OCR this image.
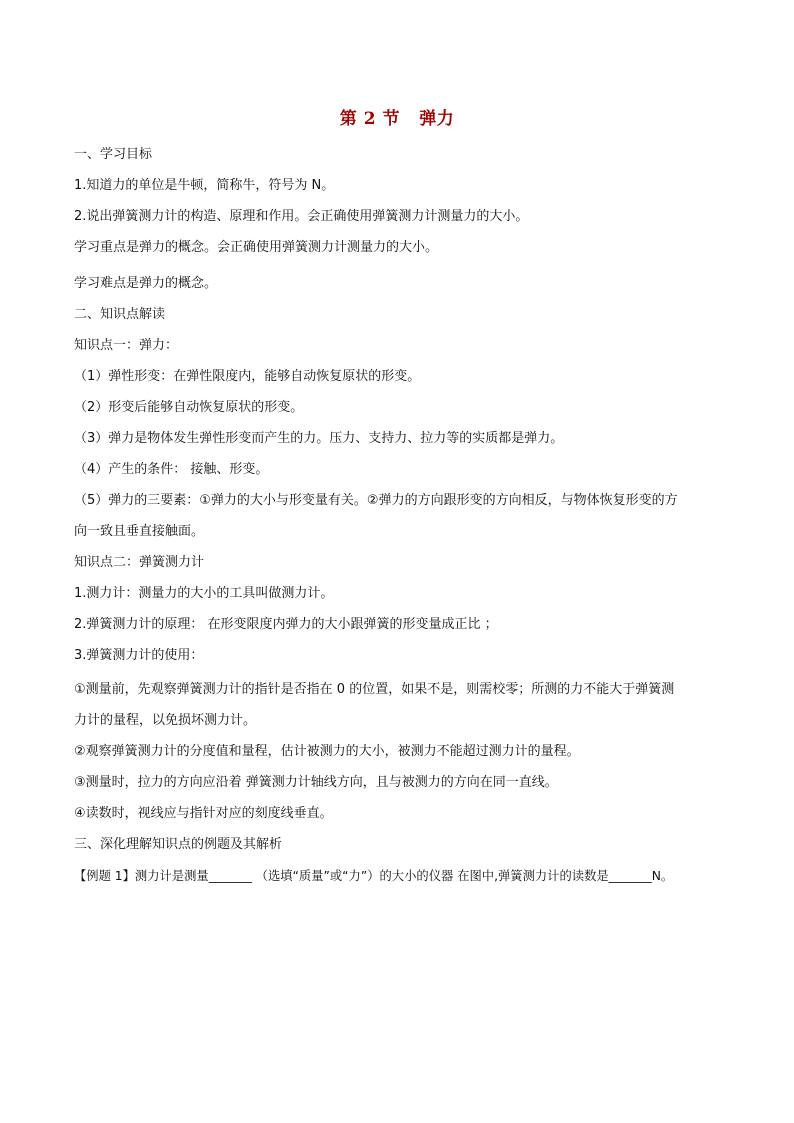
第 2 节   弹力
一、学习目标
1.知道力的单位是牛顿，简称牛，符号为 N。
2.说出弹簧测力计的构造、原理和作用。会正确使用弹簧测力计测量力的大小。
学习重点是弹力的概念。会正确使用弹簧测力计测量力的大小。
学习难点是弹力的概念。
二、知识点解读
知识点一：弹力：
（1）弹性形变：在弹性限度内，能够自动恢复原状的形变。
（2）形变后能够自动恢复原状的形变。
（3）弹力是物体发生弹性形变而产生的力。压力、支持力、拉力等的实质都是弹力。
（4）产生的条件： 接触、形变。
（5）弹力的三要素：①弹力的大小与形变量有关。②弹力的方向跟形变的方向相反，与物体恢复形变的方
向一致且垂直接触面。
知识点二：弹簧测力计
1.测力计：测量力的大小的工具叫做测力计。
2.弹簧测力计的原理： 在形变限度内弹力的大小跟弹簧的形变量成正比 ；
3.弹簧测力计的使用：
①测量前，先观察弹簧测力计的指针是否指在 0 的位置，如果不是，则需校零；所测的力不能大于弹簧测
力计的量程，以免损坏测力计。
②观察弹簧测力计的分度值和量程，估计被测力的大小，被测力不能超过测力计的量程。
③测量时，拉力的方向应沿着 弹簧测力计轴线方向，且与被测力的方向在同一直线。
④读数时，视线应与指针对应的刻度线垂直。
三、深化理解知识点的例题及其解析
【例题 1】测力计是测量_______ （选填“质量”或“力”）的大小的仪器 在图中,弹簧测力计的读数是_______N。
